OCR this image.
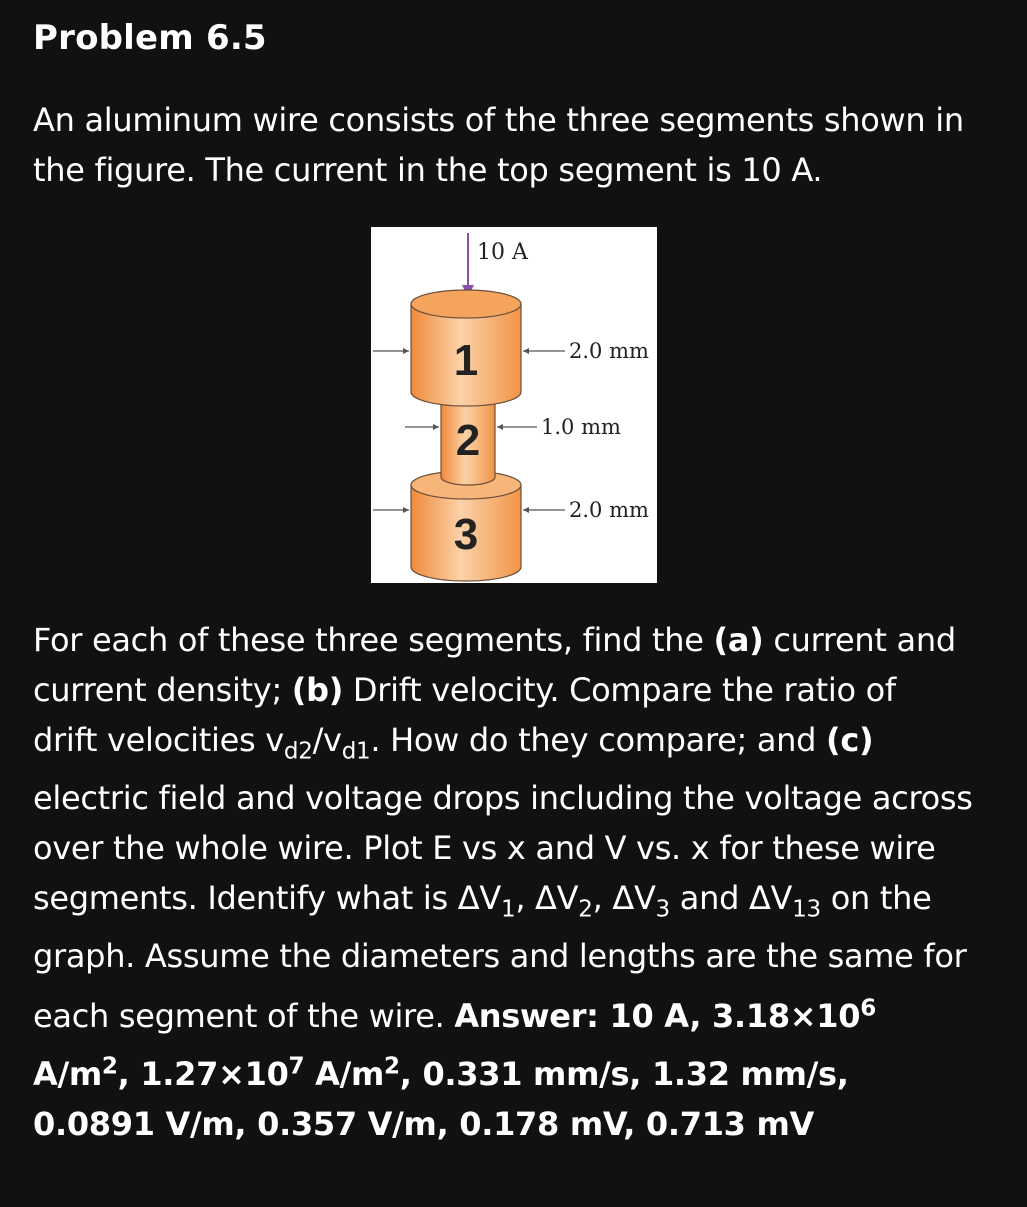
Problem 6.5
An aluminum wire consists of the three segments shown in
the figure. The current in the top segment is 10 A.
10 A
2.0 mm
1.0 mm
2.0 mm
1
2
3
For each of these three segments, find the (a) current and
current density; (b) Drift velocity. Compare the ratio of
drift velocities $v_{d2}/v_{d1}$. How do they compare; and (c)
electric field and voltage drops including the voltage across
over the whole wire. Plot E vs x and V vs. x for these wire
segments. Identify what is $\Delta V_1$, $\Delta V_2$, $\Delta V_3$ and $\Delta V_{13}$ on the
graph. Assume the diameters and lengths are the same for
each segment of the wire. Answer: 10 A, $3.18\times 10^6$
$A/m^2$, $1.27\times 10^7$ $A/m^2$, 0.331 mm/s, 1.32 mm/s,
0.0891 V/m, 0.357 V/m, 0.178 mV, 0.713 mV
